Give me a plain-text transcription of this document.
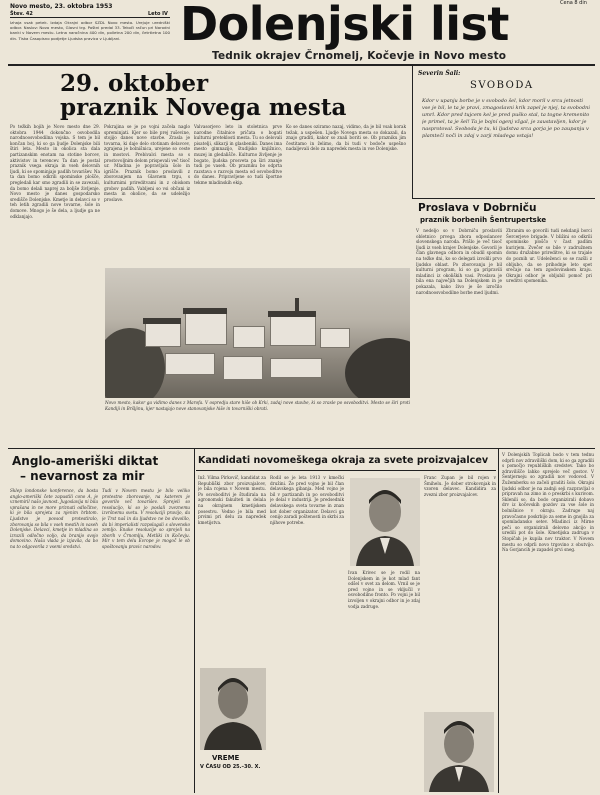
Novo mesto, 23. oktobra 1953
Štev. 42	Leto IV
Izhaja vsak petek. Izdaja Okrajni odbor SZDL Novo mesto. Urejuje uredniški odbor. Naslov: Novo mesto, Glavni trg. Poštni predal 33. Tekoči račun pri Narodni banki v Novem mestu. Letna naročnina 400 din, polletna 200 din, četrtletna 100 din. Tiska Časopisno podjetje Ljudska pravica v Ljubljani.	Dolenjski list	Cena 8 din
Tednik okrajev Črnomelj, Kočevje in Novo mesto
29. oktober
praznik Novega mesta
Po težkih bojih je Novo mesto dne 29. oktobra 1944 dokončno osvobodila narodnoosvobodilna vojska. S tem je bil končan boj, ki so ga ljudje Dolenjske bili štiri leta. Mesto in okolica sta dala partizanskim enotam na stotine borcev, aktivistov in terencev. Ta dan je postal praznik vsega okraja in vseh delovnih ljudi, ki se spominjajo padlih tovarišev. Na ta dan bomo odkrili spominske plošče, pregledali kar smo zgradili in se zavezali, da bomo delali naprej za boljše življenje. Novo mesto je danes gospodarsko središče Dolenjske. Kmetje in delavci so v teh letih zgradili nove tovarne, šole in domove. Mnogo je še dela, a ljudje ga ne odklanjajo.
Pokrajina se je po vojni začela naglo spreminjati. Kjer so bile prej ruševine, stojijo danes nove stavbe. Zrasla je tovarna, ki daje delo stotinam delavcev, zgrajena je bolnišnica, urejene so ceste in mostovi. Prebivalci mesta so s prostovoljnim delom prispevali več tisoč ur. Mladina je popravljala šolo in igrišče. Praznik bomo proslavili z zborovanjem na Glavnem trgu, s kulturnimi prireditvami in z obiskom grobov padlih. Vabljeni so vsi občani iz mesta in okolice, da se udeležijo proslave.
Valvasorjevo leto in stoletnica prve narodne čitalnice pričata o bogati kulturni preteklosti mesta. Tu so delovali pisatelji, slikarji in glasbeniki. Danes ima mesto gimnazijo, študijsko knjižnico, muzej in gledališče. Kulturno življenje je bogato, ljudska prosveta pa širi znanje tudi po vaseh. Ob prazniku bo odprta razstava o razvoju mesta od osvoboditve do danes. Pripravljene so tudi športne tekme mladinskih ekip.
Ko se danes oziramo nazaj, vidimo, da je bil vsak korak težak, a uspešen. Ljudje Novega mesta so dokazali, da znajo graditi, kakor so znali boriti se. Ob prazniku jim čestitamo in želimo, da bi tudi v bodoče uspešno nadaljevali delo za napredek mesta in vse Dolenjske.
Severin Šali:
SVOBODA
Kdor v upanju borbe je v svobodo šel, kdor moril v srcu jetnosti vse je bil, le ta je pravi, zmagoslavni krik zapel je njej, ta svobodni umrl. Kdor pred tujcem kel je pred puško stal, ta togne kremenito je primel, ta je šel! Ta je bojní ogenj vžgal, je zaustavljen, kdor je nasprotoval. Svoboda je tu, ki ljudstva srca gorja je po zaupanju v plamtečí noči in zdaj v zarji mladega vstaja!
Proslava v Dobrniču
praznik borbenih Šentrupertske
V nedeljo so v Dobrniču proslavili obletnico prvega zbora odposlancev slovenskega naroda. Prišlo je več tisoč ljudi iz vseh krajev Dolenjske. Govoril je član glavnega odbora in obudil spomin na težke dni, ko so delegati izvolili prvo ljudsko oblast. Po zborovanju je bil kulturni program, ki so ga pripravili mladinci iz okoliških vasi. Proslava je bila ena največjih na Dolenjskem in je pokazala, kako živo je še izročilo narodnoosvobodilne borbe med ljudmi.
Zbranim so govorili tudi nekdanji borci Šercerjeve brigade. V bližini so odkrili spominsko ploščo v čast padlim kurirjem. Zvečer so bile v zadružnem domu družabne prireditve, ki so trajale do poznih ur. Udeleženci so se razšli z obljubo, da se prihodnje leto spet srečajo na tem zgodovinskem kraju. Okrajni odbor je obljubil pomoč pri ureditvi spomenika.
Novo mesto, kakor ga vidimo danes z Marofa. V ospredju stare hiše ob Krki, zadaj nove stavbe, ki so zrasle po osvoboditvi. Mesto se širi proti Kandiji in Bršljinu, kjer nastajajo nove stanovanjske hiše in tovarniški obrati.
Anglo-ameriški diktat
– nevarnost za mir
Sklep londonske konference, da bosta anglo-ameriški čete zapustili cono A, je vznemiril našo javnost. Jugoslavija ni bila vprašana in ne more priznati odločitve, ki je bila sprejeta za njenim hrbtom. Ljudstvo je povsod protestiralo, zborovanja so bila v vseh mestih in vaseh Dolenjske. Delavci, kmetje in mladina so izrazili odločno voljo, da branijo svojo domovino. Naša vlada je izjavila, da bo na to odgovorila z vsemi sredstvi.
Tudi v Novem mestu je bilo veliko protestno zborovanje, na katerem je govorilo več tovarišev. Sprejeli so resolucijo, ki so jo poslali zveznemu izvršnemu svetu. V resoluciji pravijo, da je Trst naš in da ljudstvo ne bo dovolilo, da bi imperialisti razpolagali s slovensko zemljo. Enake resolucije so sprejeli na zborih v Črnomlju, Metliki in Kočevju. Mir v tem delu Evrope je mogoč le ob spoštovanju pravic narodov.
Kandidati novomeškega okraja za svete proizvajalcev
Inž. Vilma Pirkovič, kandidat za Republiški zbor proizvajalcev, je bila rojena v Novem mestu. Po osvoboditvi je študirala na agronomski fakulteti in delala na okrajnem kmetijskem posestvu. Vedno je bila med prvimi pri delu za napredek kmetijstva.
Rodil se je leta 1913 v kmečki družini. Že pred vojno je bil član delavskega gibanja. Med vojno je bil v partizanih in po osvoboditvi je delal v industriji. Je predsednik delavskega sveta tovarne in znan kot dober organizator. Delavci ga cenijo zaradi poštenosti in skrbi za njihove potrebe.
Ivan Krivec se je rodil na Dolenjskem in je kot mlad fant odšel v svet za delom. Vrnil se je pred vojno in se vključil v osvobodilno fronto. Po vojni je bil izvoljen v okrajni odbor in je zdaj vodja zadruge.
Franc Zupan je bil rojen v Šmihelu. Je dober strokovnjak in vzoren delavec. Kandidira za zvezni zbor proizvajalcev.
VREME
V ČASU OD 25.–30. X.
V Dolenjskih Toplicah bodo v tem tednu odprli nov zdraviliški dom, ki so ga zgradili s pomočjo republiških sredstev. Tako bo zdravilišče lahko sprejelo več gostov. V Šentjerneju so zgradili nov vodovod. V Žužemberku so začeli graditi šolo. Okrajni ljudski odbor je na zadnji seji razpravljal o pripravah na zimo in o preskrbi s kurivom. Sklenili so, da bodo organizirali dobavo drv iz kočevskih gozdov za vse šole in bolnišnice v okraju. Zadruge naj pravočasno poskrbijo za seme in gnojila za spomladansko setev. Mladinci iz Mirne peči so organizirali delovno akcijo in uredili pot do šole. Kmetijska zadruga v Stopičah je kupila nov traktor. V Novem mestu so odprli novo trgovino z obutvijo. Na Gorjancih je zapadel prvi sneg.
